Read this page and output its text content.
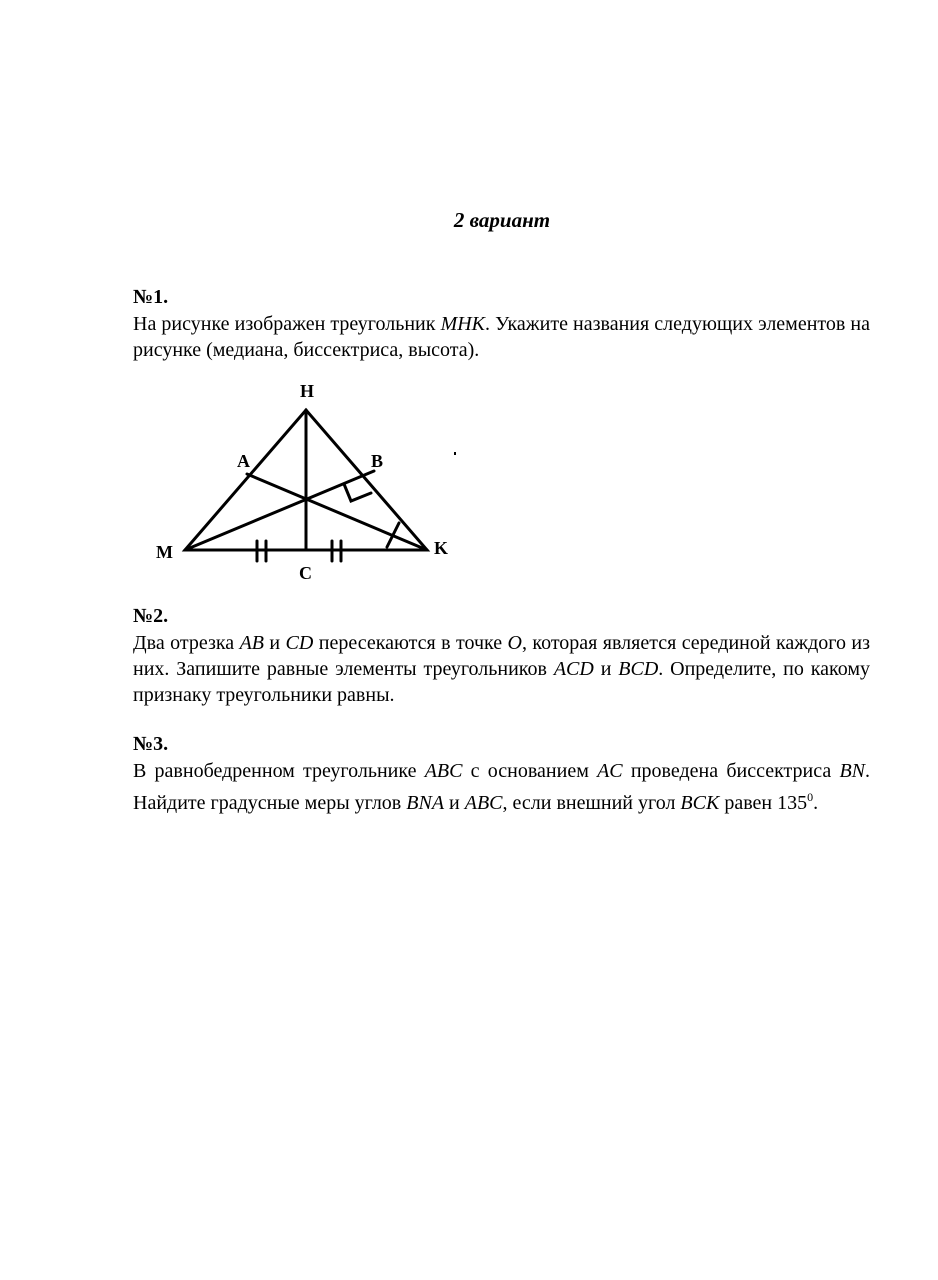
2 вариант
№1.

На рисунке изображен треугольник MHK. Укажите названия следующих элементов на рисунке (медиана, биссектриса, высота).

H
A	B
M	K
C
№2.

Два отрезка AB и CD пересекаются в точке O, которая является серединой каждого из них. Запишите равные элементы треугольников ACD и BCD. Определите, по какому признаку треугольники равны.

№3.

В равнобедренном треугольнике ABC с основанием AC проведена биссектриса BN. Найдите градусные меры углов BNA и ABC, если внешний угол BCK равен $135^0$.
